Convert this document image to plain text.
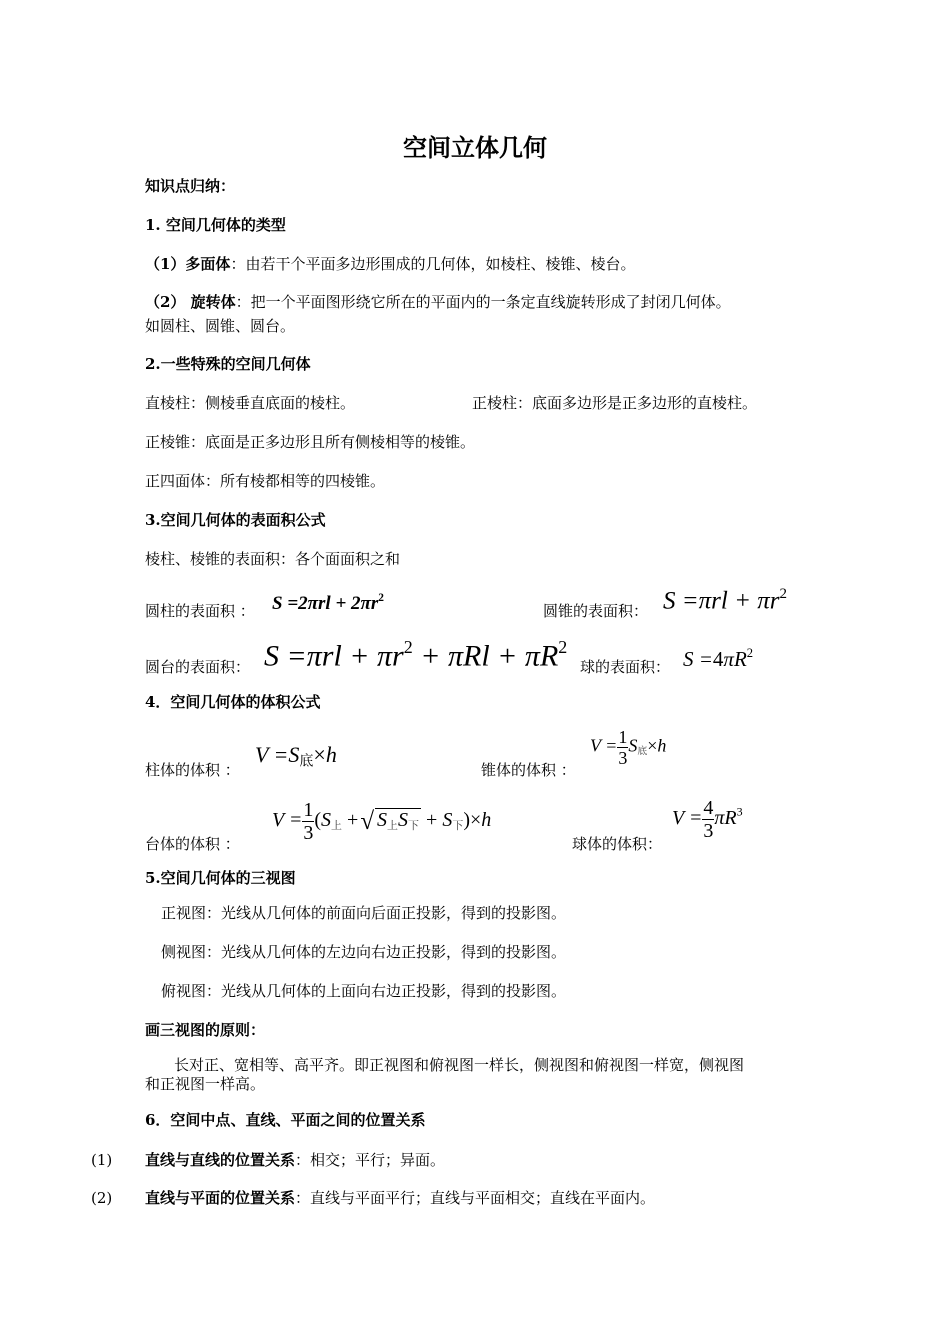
空间立体几何
知识点归纳：
1. 空间几何体的类型
（1）多面体：由若干个平面多边形围成的几何体，如棱柱、棱锥、棱台。
（2） 旋转体：把一个平面图形绕它所在的平面内的一条定直线旋转形成了封闭几何体。
如圆柱、圆锥、圆台。
2.一些特殊的空间几何体
直棱柱：侧棱垂直底面的棱柱。	正棱柱：底面多边形是正多边形的直棱柱。
正棱锥：底面是正多边形且所有侧棱相等的棱锥。
正四面体：所有棱都相等的四棱锥。
3.空间几何体的表面积公式
棱柱、棱锥的表面积：各个面面积之和
圆柱的表面积 ： $S =2\pi rl + 2\pi r^2$
圆锥的表面积： $S =\pi rl + \pi r^2$
圆台的表面积： $S =\pi rl + \pi r^2 + \pi Rl + \pi R^2$
球的表面积： $S =4\pi R^2$
4．空间几何体的体积公式
柱体的体积 ：
$V =S_底\times h$
锥体的体积 ：
$V = \frac{1}{3} S_底\times h$
台体的体积 ：
$V = \frac{1}{3} (S_上$ +√ $S_上S_下 + S_下)\times h$
球体的体积：
$V = \frac{4}{3} \pi R^3$
5.空间几何体的三视图
正视图：光线从几何体的前面向后面正投影，得到的投影图。
侧视图：光线从几何体的左边向右边正投影，得到的投影图。
俯视图：光线从几何体的上面向右边正投影，得到的投影图。
画三视图的原则：
长对正、宽相等、高平齐。即正视图和俯视图一样长，侧视图和俯视图一样宽，侧视图
和正视图一样高。
6．空间中点、直线、平面之间的位置关系
(1) 直线与直线的位置关系：相交；平行；异面。
(2) 直线与平面的位置关系：直线与平面平行；直线与平面相交；直线在平面内。
